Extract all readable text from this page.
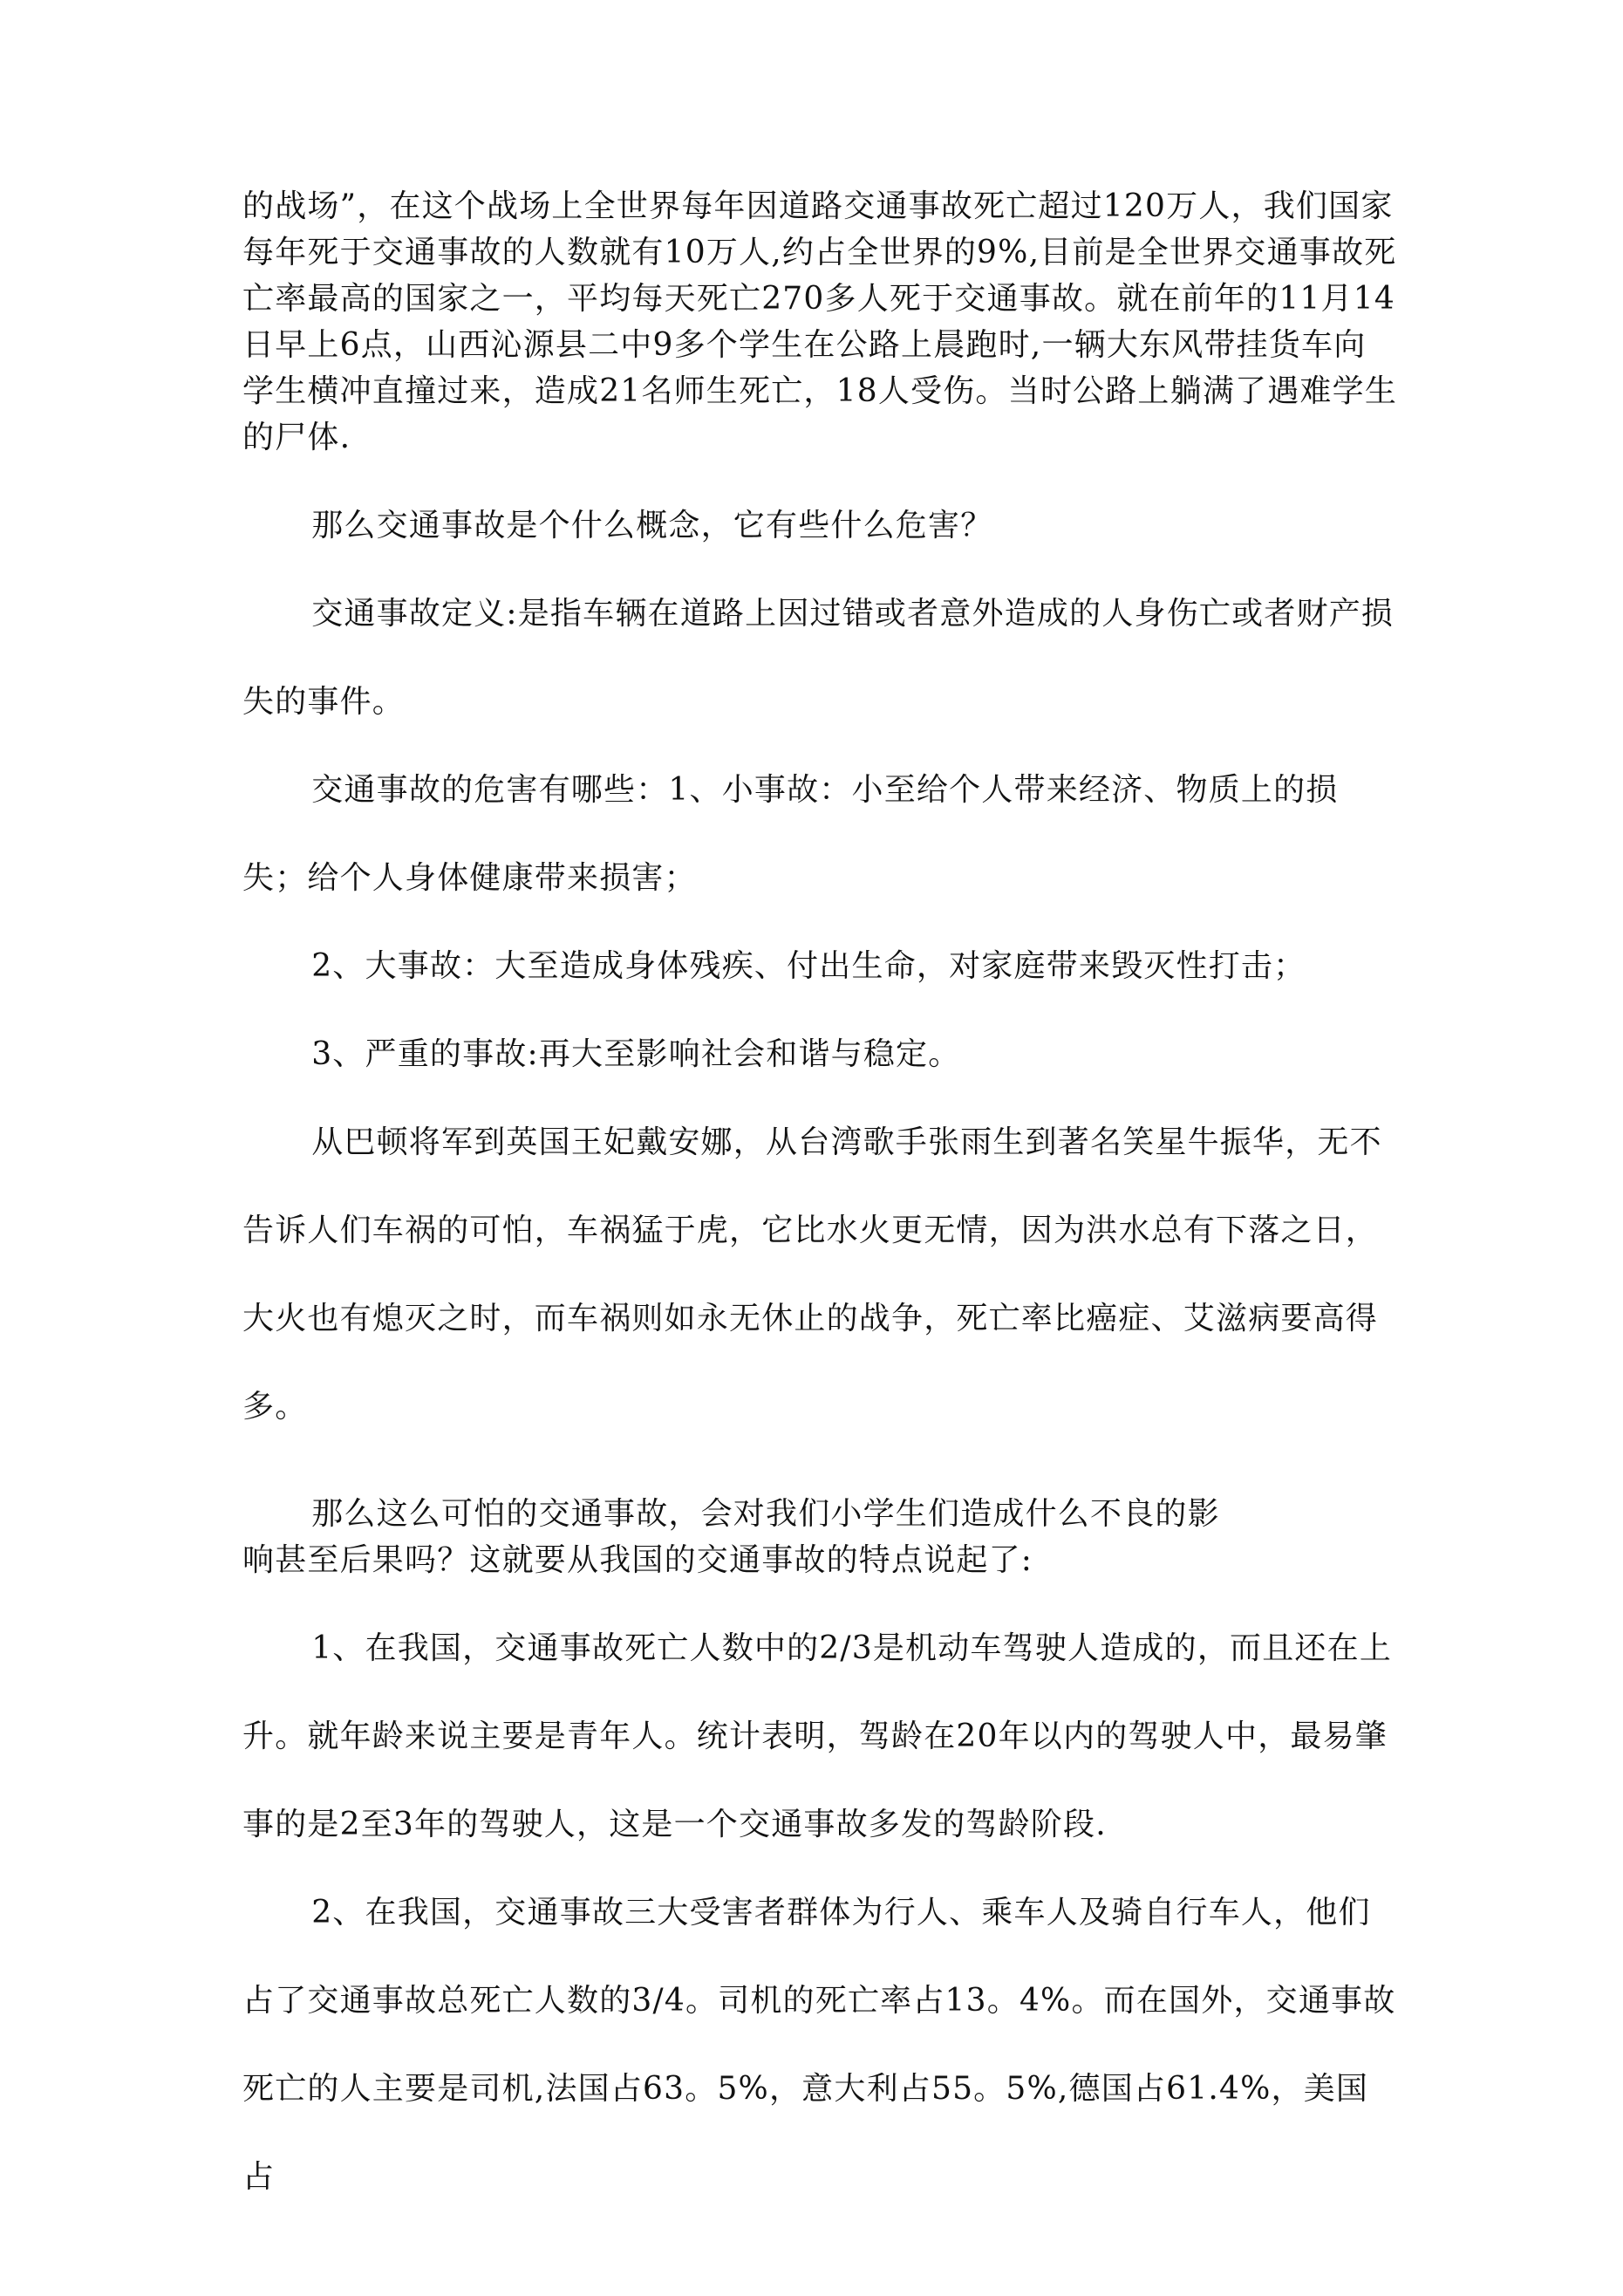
的战场”，在这个战场上全世界每年因道路交通事故死亡超过120万人，我们国家每年死于交通事故的人数就有10万人,约占全世界的9%,目前是全世界交通事故死亡率最高的国家之一，平均每天死亡270多人死于交通事故。就在前年的11月14日早上6点，山西沁源县二中9多个学生在公路上晨跑时,一辆大东风带挂货车向学生横冲直撞过来，造成21名师生死亡，18人受伤。当时公路上躺满了遇难学生的尸体.

那么交通事故是个什么概念，它有些什么危害？

交通事故定义:是指车辆在道路上因过错或者意外造成的人身伤亡或者财产损失的事件。

交通事故的危害有哪些：1、小事故：小至给个人带来经济、物质上的损失；给个人身体健康带来损害；

2、大事故：大至造成身体残疾、付出生命，对家庭带来毁灭性打击；

3、严重的事故:再大至影响社会和谐与稳定。

从巴顿将军到英国王妃戴安娜，从台湾歌手张雨生到著名笑星牛振华，无不告诉人们车祸的可怕，车祸猛于虎，它比水火更无情，因为洪水总有下落之日，大火也有熄灭之时，而车祸则如永无休止的战争，死亡率比癌症、艾滋病要高得多。

那么这么可怕的交通事故，会对我们小学生们造成什么不良的影
响甚至后果吗？这就要从我国的交通事故的特点说起了:

1、在我国，交通事故死亡人数中的2/3是机动车驾驶人造成的，而且还在上升。就年龄来说主要是青年人。统计表明，驾龄在20年以内的驾驶人中，最易肇事的是2至3年的驾驶人，这是一个交通事故多发的驾龄阶段.

2、在我国，交通事故三大受害者群体为行人、乘车人及骑自行车人，他们占了交通事故总死亡人数的3/4。司机的死亡率占13。4%。而在国外，交通事故死亡的人主要是司机,法国占63。5%，意大利占55。5%,德国占61.4%，美国占
